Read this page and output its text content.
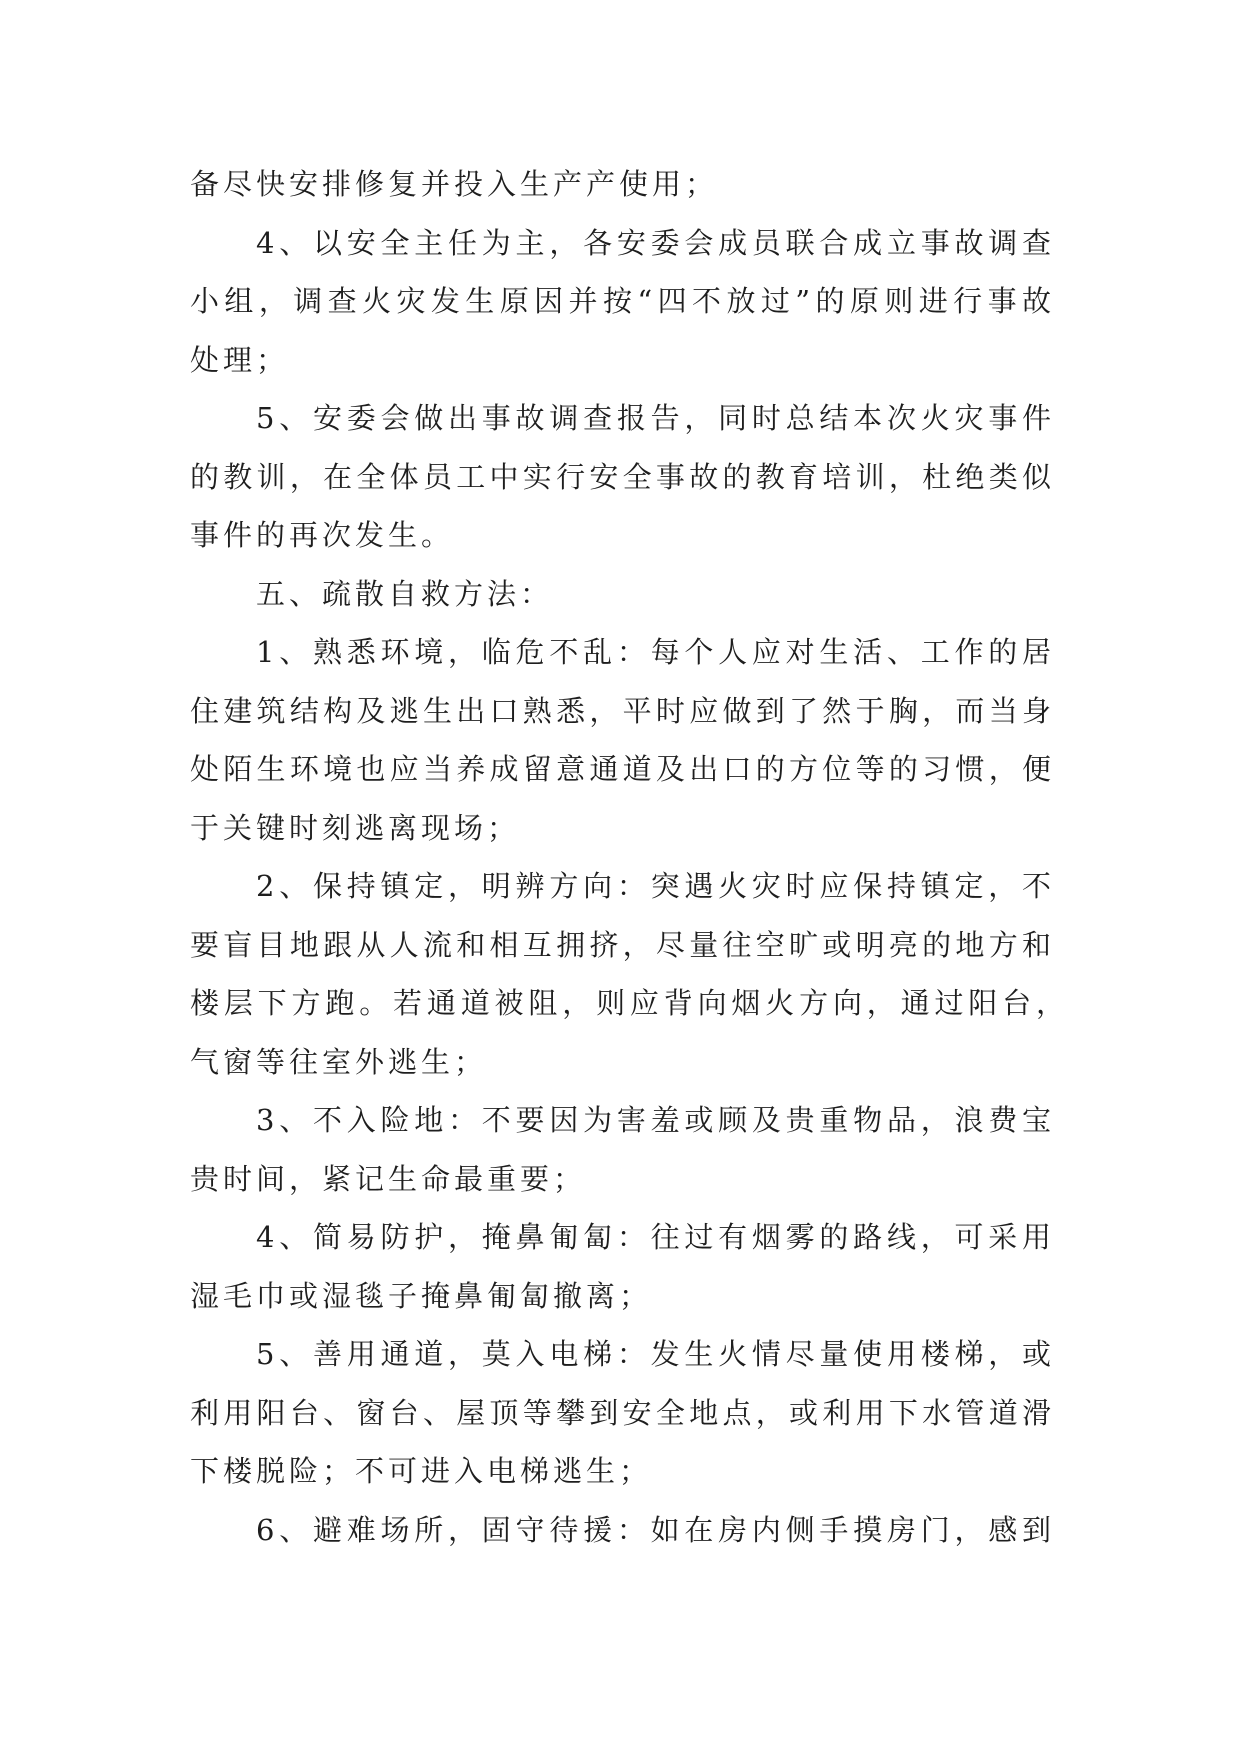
备尽快安排修复并投入生产产使用；
4、以安全主任为主，各安委会成员联合成立事故调查
小组，调查火灾发生原因并按“四不放过”的原则进行事故
处理；
5、安委会做出事故调查报告，同时总结本次火灾事件
的教训，在全体员工中实行安全事故的教育培训，杜绝类似
事件的再次发生。
五、疏散自救方法：
1、熟悉环境，临危不乱：每个人应对生活、工作的居
住建筑结构及逃生出口熟悉，平时应做到了然于胸，而当身
处陌生环境也应当养成留意通道及出口的方位等的习惯，便
于关键时刻逃离现场；
2、保持镇定，明辨方向：突遇火灾时应保持镇定，不
要盲目地跟从人流和相互拥挤，尽量往空旷或明亮的地方和
楼层下方跑。若通道被阻，则应背向烟火方向，通过阳台，
气窗等往室外逃生；
3、不入险地：不要因为害羞或顾及贵重物品，浪费宝
贵时间，紧记生命最重要；
4、简易防护，掩鼻匍匐：往过有烟雾的路线，可采用
湿毛巾或湿毯子掩鼻匍匐撤离；
5、善用通道，莫入电梯：发生火情尽量使用楼梯，或
利用阳台、窗台、屋顶等攀到安全地点，或利用下水管道滑
下楼脱险；不可进入电梯逃生；
6、避难场所，固守待援：如在房内侧手摸房门，感到
